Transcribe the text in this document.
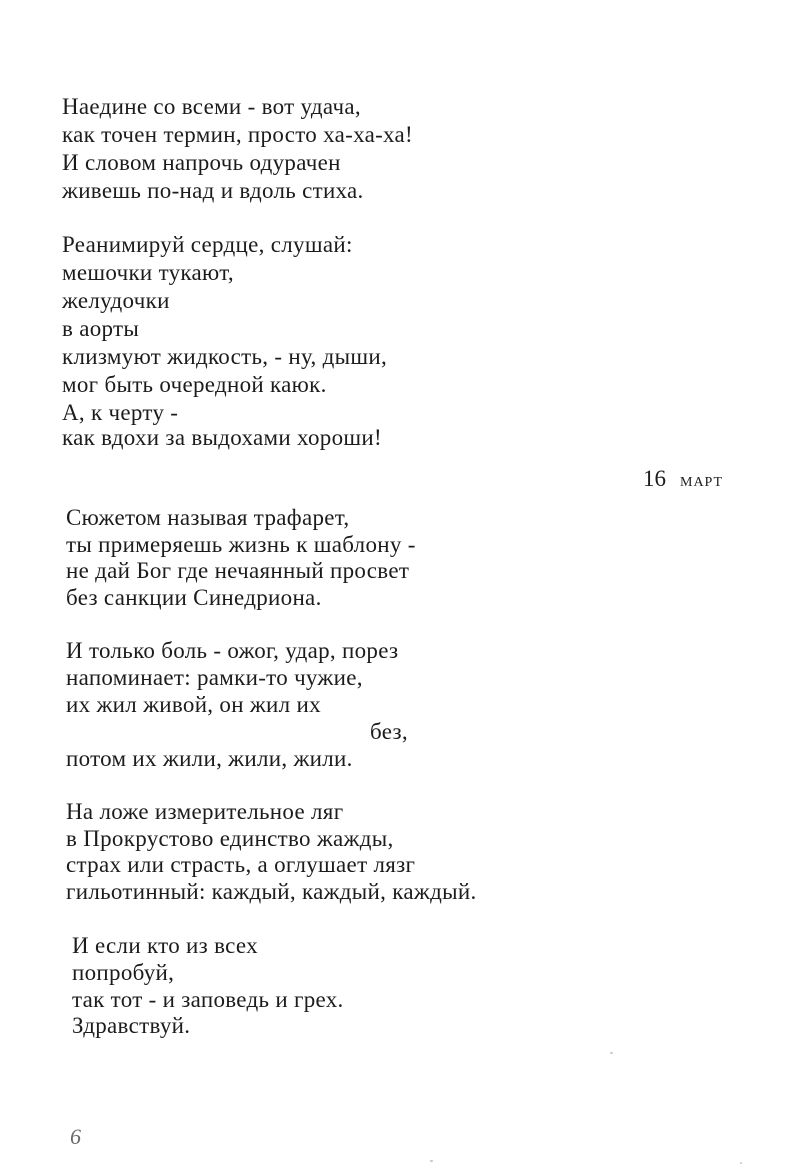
Наедине со всеми - вот удача,
как точен термин, просто ха-ха-ха!
И словом напрочь одурачен
живешь по-над и вдоль стиха.
Реанимируй сердце, слушай:
мешочки тукают,
желудочки
в аорты
клизмуют жидкость, - ну, дыши,
мог быть очередной каюк.
А, к черту -
как вдохи за выдохами хороши!
16 МАРТ
Сюжетом называя трафарет,
ты примеряешь жизнь к шаблону -
не дай Бог где нечаянный просвет
без санкции Синедриона.
И только боль - ожог, удар, порез
напоминает: рамки-то чужие,
их жил живой, он жил их
без,
потом их жили, жили, жили.
На ложе измерительное ляг
в Прокрустово единство жажды,
страх или страсть, а оглушает лязг
гильотинный: каждый, каждый, каждый.
И если кто из всех
попробуй,
так тот - и заповедь и грех.
Здравствуй.
6
